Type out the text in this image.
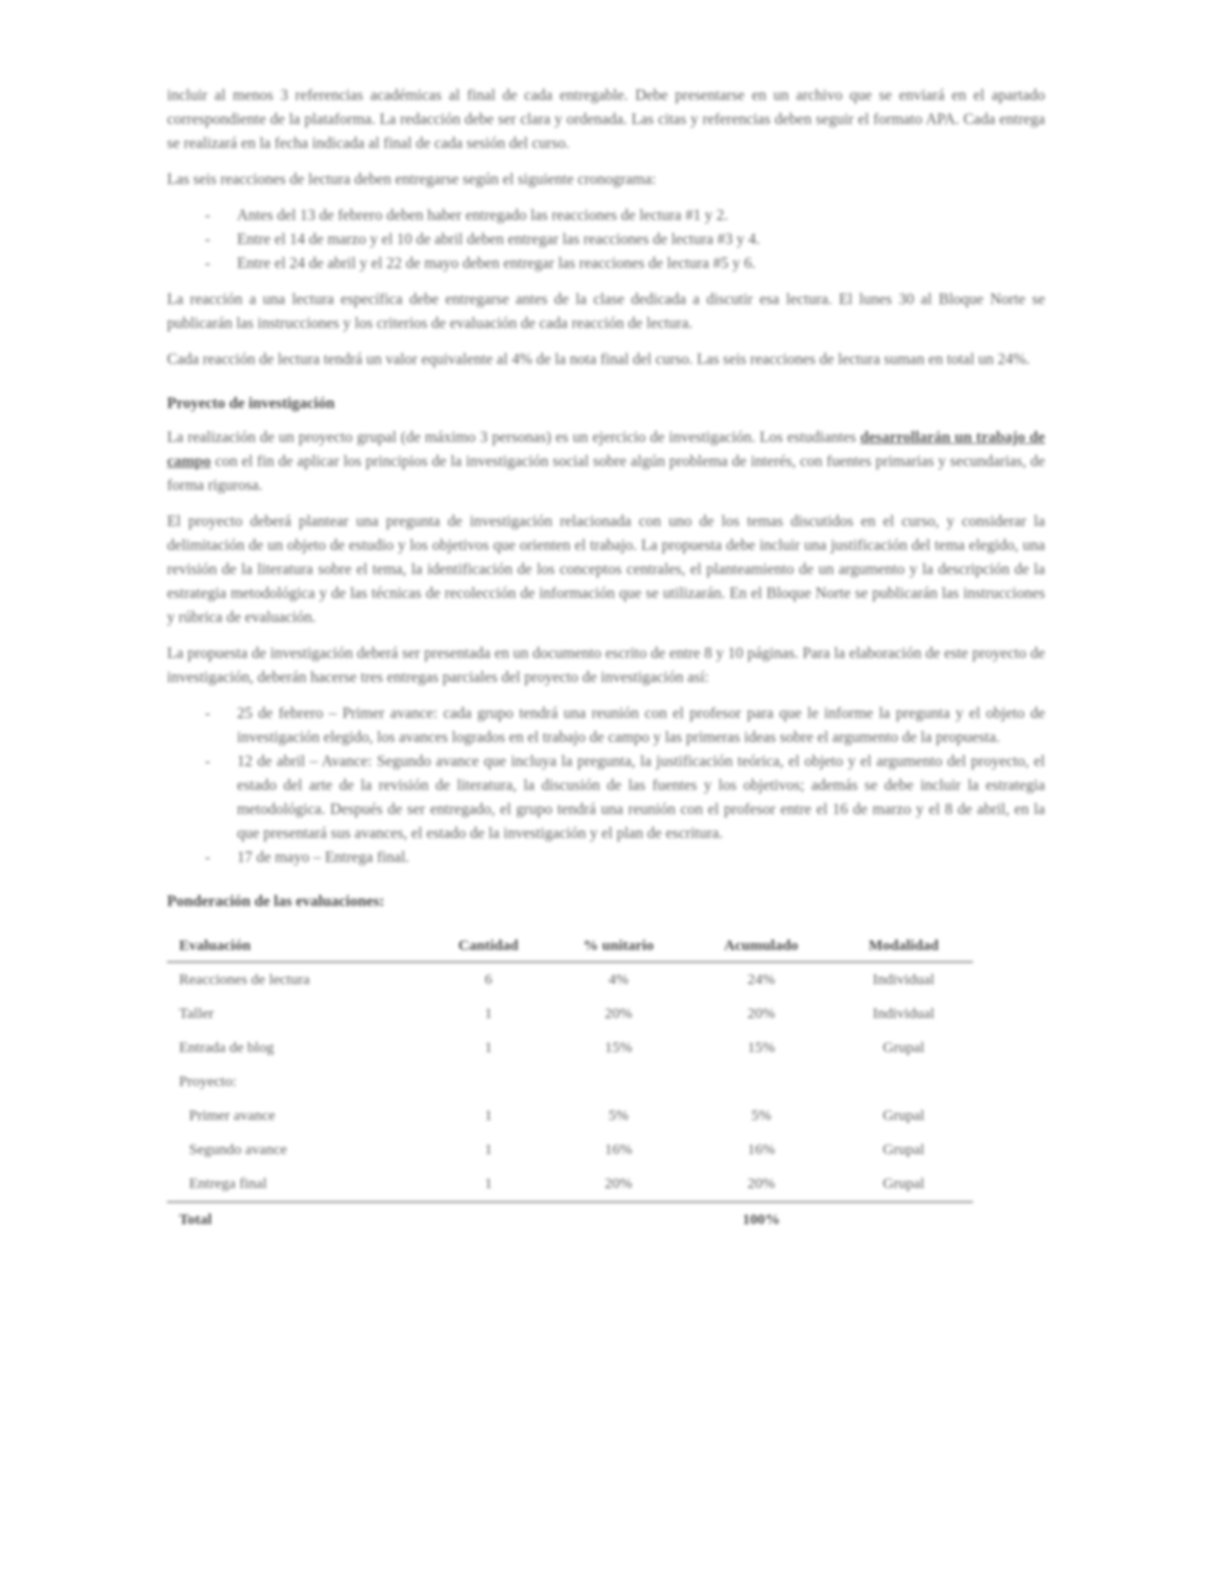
incluir al menos 3 referencias académicas al final de cada entregable. Debe presentarse en un archivo que se enviará en el apartado correspondiente de la plataforma. La redacción debe ser clara y ordenada. Las citas y referencias deben seguir el formato APA. Cada entrega se realizará en la fecha indicada al final de cada sesión del curso.

Las seis reacciones de lectura deben entregarse según el siguiente cronograma:

- Antes del 13 de febrero deben haber entregado las reacciones de lectura #1 y 2.
- Entre el 14 de marzo y el 10 de abril deben entregar las reacciones de lectura #3 y 4.
- Entre el 24 de abril y el 22 de mayo deben entregar las reacciones de lectura #5 y 6.

La reacción a una lectura específica debe entregarse antes de la clase dedicada a discutir esa lectura. El lunes 30 al Bloque Norte se publicarán las instrucciones y los criterios de evaluación de cada reacción de lectura.

Cada reacción de lectura tendrá un valor equivalente al 4% de la nota final del curso. Las seis reacciones de lectura suman en total un 24%.

Proyecto de investigación

La realización de un proyecto grupal (de máximo 3 personas) es un ejercicio de investigación. Los estudiantes desarrollarán un trabajo de campo con el fin de aplicar los principios de la investigación social sobre algún problema de interés, con fuentes primarias y secundarias, de forma rigurosa.

El proyecto deberá plantear una pregunta de investigación relacionada con uno de los temas discutidos en el curso, y considerar la delimitación de un objeto de estudio y los objetivos que orienten el trabajo. La propuesta debe incluir una justificación del tema elegido, una revisión de la literatura sobre el tema, la identificación de los conceptos centrales, el planteamiento de un argumento y la descripción de la estrategia metodológica y de las técnicas de recolección de información que se utilizarán. En el Bloque Norte se publicarán las instrucciones y rúbrica de evaluación.

La propuesta de investigación deberá ser presentada en un documento escrito de entre 8 y 10 páginas. Para la elaboración de este proyecto de investigación, deberán hacerse tres entregas parciales del proyecto de investigación así:

- 25 de febrero – Primer avance: cada grupo tendrá una reunión con el profesor para que le informe la pregunta y el objeto de investigación elegido, los avances logrados en el trabajo de campo y las primeras ideas sobre el argumento de la propuesta.
- 12 de abril – Avance: Segundo avance que incluya la pregunta, la justificación teórica, el objeto y el argumento del proyecto, el estado del arte de la revisión de literatura, la discusión de las fuentes y los objetivos; además se debe incluir la estrategia metodológica. Después de ser entregado, el grupo tendrá una reunión con el profesor entre el 16 de marzo y el 8 de abril, en la que presentará sus avances, el estado de la investigación y el plan de escritura.
- 17 de mayo – Entrega final.
Ponderación de las evaluaciones:
Evaluación	Cantidad	% unitario	Acumulado	Modalidad
Reacciones de lectura	6	4%	24%	Individual
Taller	1	20%	20%	Individual
Entrada de blog	1	15%	15%	Grupal
Proyecto:				
Primer avance	1	5%	5%	Grupal
Segundo avance	1	16%	16%	Grupal
Entrega final	1	20%	20%	Grupal
Total			100%	
